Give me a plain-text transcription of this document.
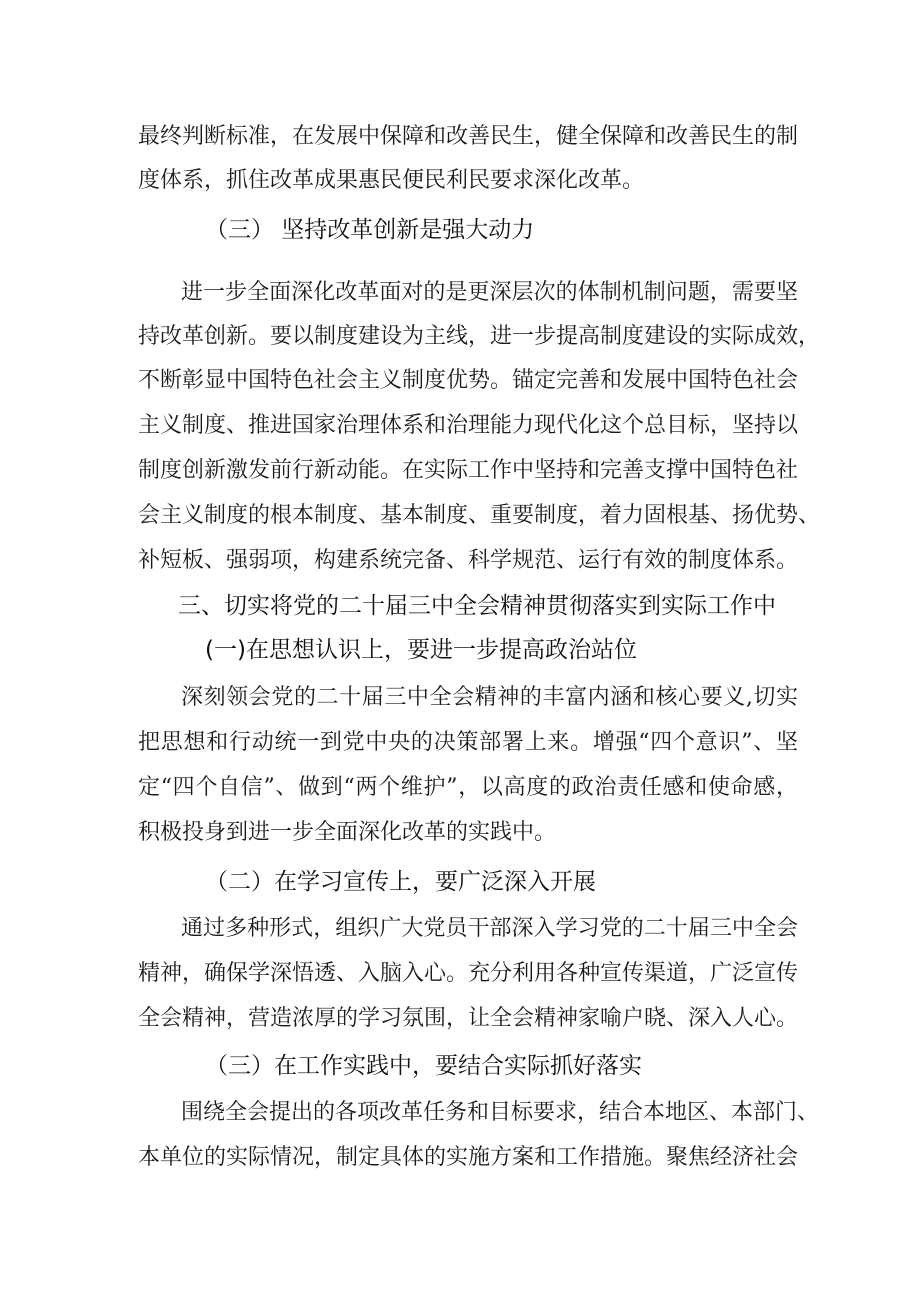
最终判断标准，在发展中保障和改善民生，健全保障和改善民生的制
度体系，抓住改革成果惠民便民利民要求深化改革。
（三） 坚持改革创新是强大动力
进一步全面深化改革面对的是更深层次的体制机制问题，需要坚
持改革创新。要以制度建设为主线，进一步提高制度建设的实际成效，
不断彰显中国特色社会主义制度优势。锚定完善和发展中国特色社会
主义制度、推进国家治理体系和治理能力现代化这个总目标，坚持以
制度创新激发前行新动能。在实际工作中坚持和完善支撑中国特色社
会主义制度的根本制度、基本制度、重要制度，着力固根基、扬优势、
补短板、强弱项，构建系统完备、科学规范、运行有效的制度体系。
三、切实将党的二十届三中全会精神贯彻落实到实际工作中
(一)在思想认识上，要进一步提高政治站位
深刻领会党的二十届三中全会精神的丰富内涵和核心要义,切实
把思想和行动统一到党中央的决策部署上来。增强“四个意识”、坚
定“四个自信”、做到“两个维护”，以高度的政治责任感和使命感，
积极投身到进一步全面深化改革的实践中。
（二）在学习宣传上，要广泛深入开展
通过多种形式，组织广大党员干部深入学习党的二十届三中全会
精神，确保学深悟透、入脑入心。充分利用各种宣传渠道，广泛宣传
全会精神，营造浓厚的学习氛围，让全会精神家喻户晓、深入人心。
（三）在工作实践中，要结合实际抓好落实
围绕全会提出的各项改革任务和目标要求，结合本地区、本部门、
本单位的实际情况，制定具体的实施方案和工作措施。聚焦经济社会
